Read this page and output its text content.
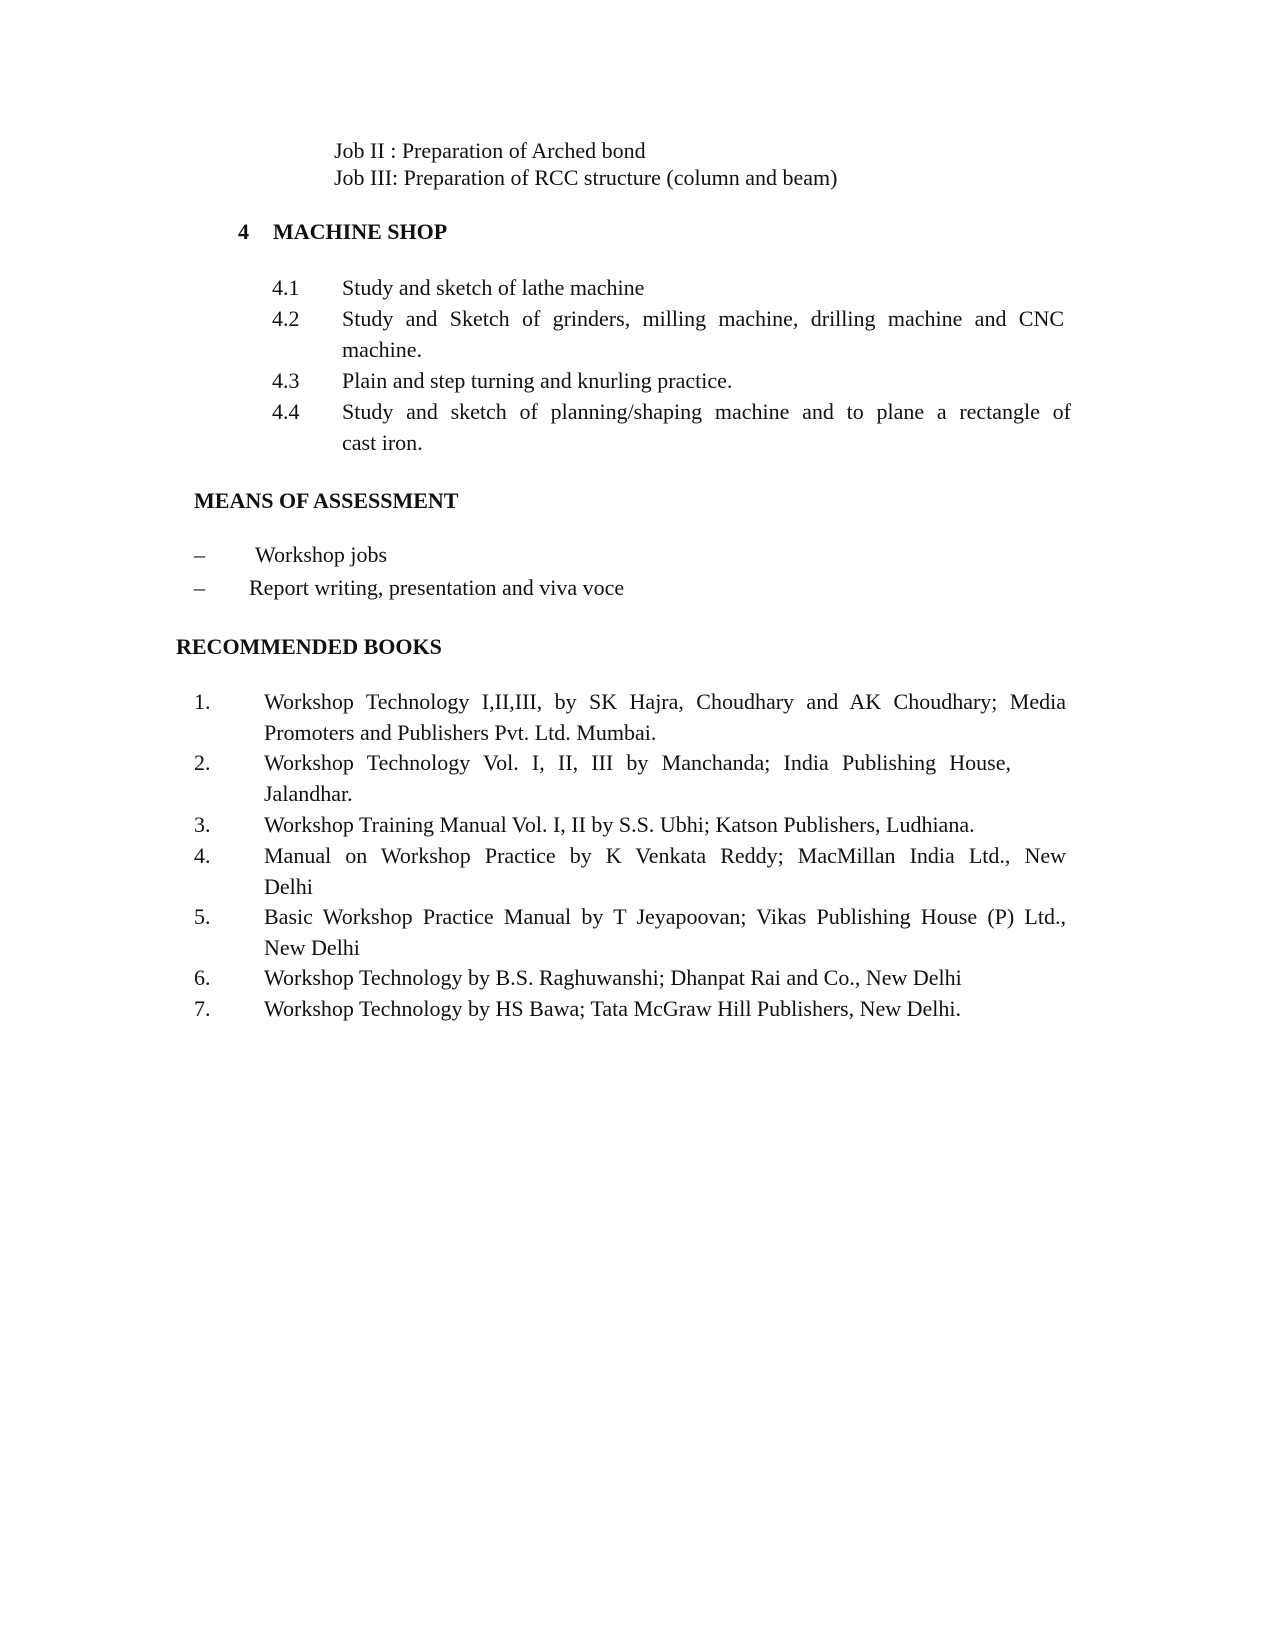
Job II : Preparation of Arched bond
Job III: Preparation of RCC structure (column and beam)
4 MACHINE SHOP
4.1 Study and sketch of lathe machine
4.2 Study and Sketch of grinders, milling machine, drilling machine and CNC
machine.
4.3 Plain and step turning and knurling practice.
4.4 Study and sketch of planning/shaping machine and to plane a rectangle of
cast iron.
MEANS OF ASSESSMENT
– Workshop jobs
– Report writing, presentation and viva voce
RECOMMENDED BOOKS
1. Workshop Technology I,II,III, by SK Hajra, Choudhary and AK Choudhary; Media
Promoters and Publishers Pvt. Ltd. Mumbai.
2. Workshop Technology Vol. I, II, III by Manchanda; India Publishing House,
Jalandhar.
3. Workshop Training Manual Vol. I, II by S.S. Ubhi; Katson Publishers, Ludhiana.
4. Manual on Workshop Practice by K Venkata Reddy; MacMillan India Ltd., New
Delhi
5. Basic Workshop Practice Manual by T Jeyapoovan; Vikas Publishing House (P) Ltd.,
New Delhi
6. Workshop Technology by B.S. Raghuwanshi; Dhanpat Rai and Co., New Delhi
7. Workshop Technology by HS Bawa; Tata McGraw Hill Publishers, New Delhi.
